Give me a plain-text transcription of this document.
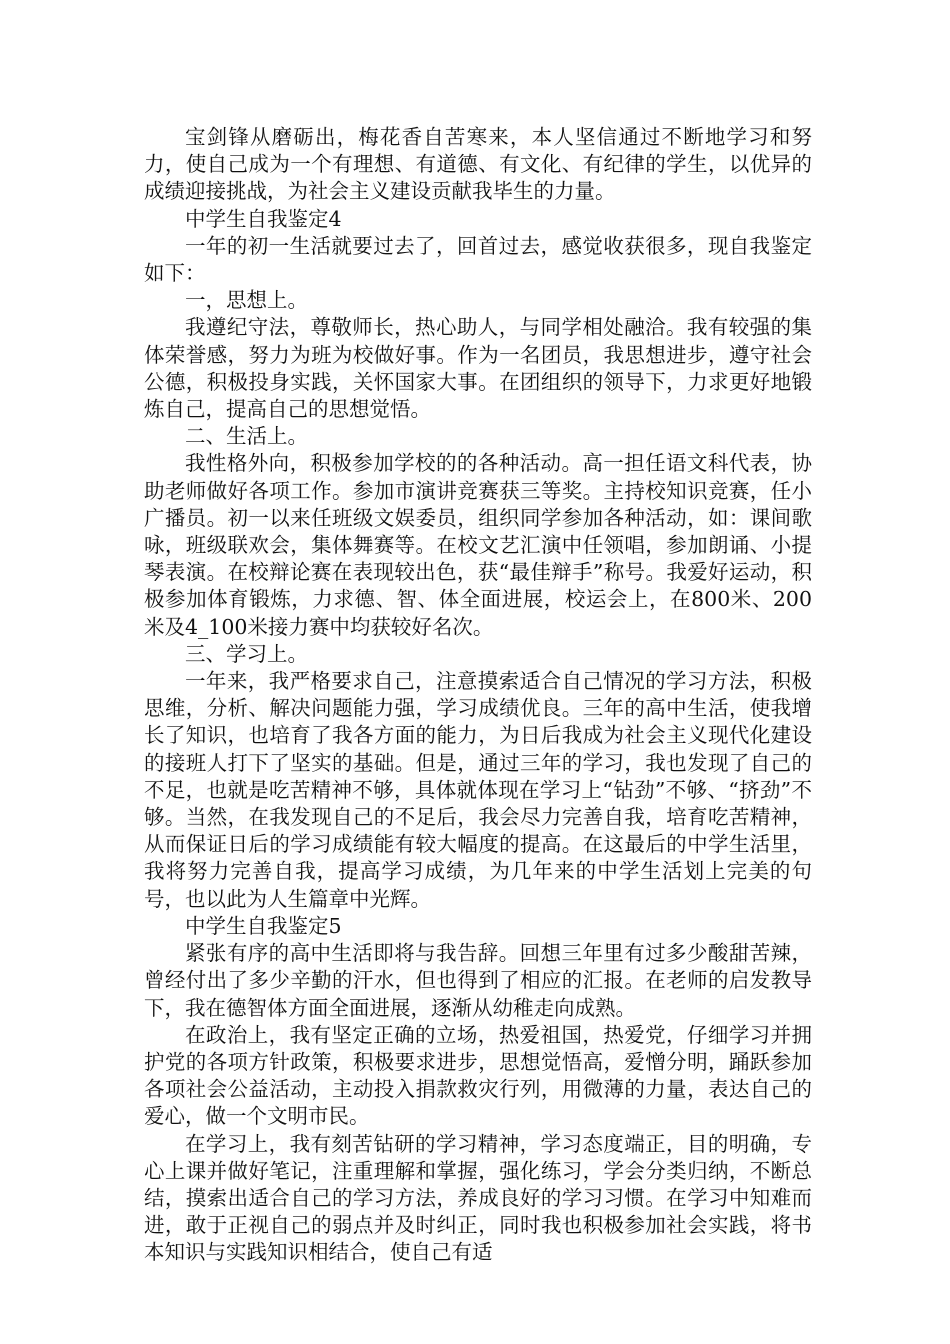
宝剑锋从磨砺出，梅花香自苦寒来，本人坚信通过不断地学习和努力，使自己成为一个有理想、有道德、有文化、有纪律的学生，以优异的成绩迎接挑战，为社会主义建设贡献我毕生的力量。

中学生自我鉴定4

一年的初一生活就要过去了，回首过去，感觉收获很多，现自我鉴定如下：

一，思想上。

我遵纪守法，尊敬师长，热心助人，与同学相处融洽。我有较强的集体荣誉感，努力为班为校做好事。作为一名团员，我思想进步，遵守社会公德，积极投身实践，关怀国家大事。在团组织的领导下，力求更好地锻炼自己，提高自己的思想觉悟。

二、生活上。

我性格外向，积极参加学校的的各种活动。高一担任语文科代表，协助老师做好各项工作。参加市演讲竞赛获三等奖。主持校知识竞赛，任小广播员。初一以来任班级文娱委员，组织同学参加各种活动，如：课间歌咏，班级联欢会，集体舞赛等。在校文艺汇演中任领唱，参加朗诵、小提琴表演。在校辩论赛在表现较出色，获“最佳辩手”称号。我爱好运动，积极参加体育锻炼，力求德、智、体全面进展，校运会上，在800米、200米及4_100米接力赛中均获较好名次。

三、学习上。

一年来，我严格要求自己，注意摸索适合自己情况的学习方法，积极思维，分析、解决问题能力强，学习成绩优良。三年的高中生活，使我增长了知识，也培育了我各方面的能力，为日后我成为社会主义现代化建设的接班人打下了坚实的基础。但是，通过三年的学习，我也发现了自己的不足，也就是吃苦精神不够，具体就体现在学习上“钻劲”不够、“挤劲”不够。当然，在我发现自己的不足后，我会尽力完善自我，培育吃苦精神，从而保证日后的学习成绩能有较大幅度的提高。在这最后的中学生活里，我将努力完善自我，提高学习成绩，为几年来的中学生活划上完美的句号，也以此为人生篇章中光辉。

中学生自我鉴定5

紧张有序的高中生活即将与我告辞。回想三年里有过多少酸甜苦辣，曾经付出了多少辛勤的汗水，但也得到了相应的汇报。在老师的启发教导下，我在德智体方面全面进展，逐渐从幼稚走向成熟。

在政治上，我有坚定正确的立场，热爱祖国，热爱党，仔细学习并拥护党的各项方针政策，积极要求进步，思想觉悟高，爱憎分明，踊跃参加各项社会公益活动，主动投入捐款救灾行列，用微薄的力量，表达自己的爱心，做一个文明市民。

在学习上，我有刻苦钻研的学习精神，学习态度端正，目的明确，专心上课并做好笔记，注重理解和掌握，强化练习，学会分类归纳，不断总结，摸索出适合自己的学习方法，养成良好的学习习惯。在学习中知难而进，敢于正视自己的弱点并及时纠正，同时我也积极参加社会实践，将书本知识与实践知识相结合，使自己有适
